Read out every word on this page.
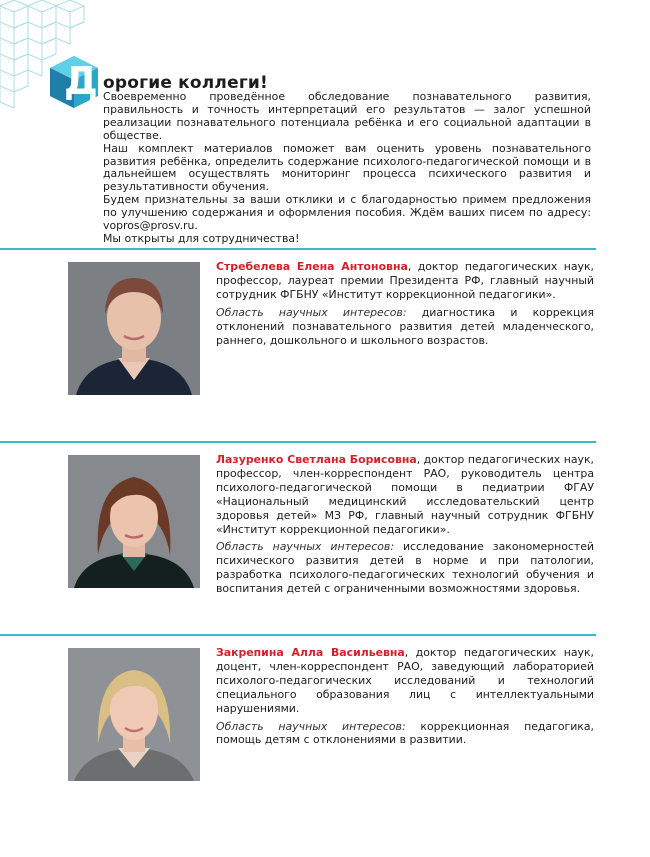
Д орогие коллеги!

Своевременно проведённое обследование познавательного развития, правильность и точность интерпретаций его результатов — залог успешной реализации познавательного потенциала ребёнка и его социальной адаптации в обществе.

Наш комплект материалов поможет вам оценить уровень познавательного развития ребёнка, определить содержание психолого-педагогической помощи и в дальнейшем осуществлять мониторинг процесса психического развития и результативности обучения.

Будем признательны за ваши отклики и с благодарностью примем предложения по улучшению содержания и оформления пособия. Ждём ваших писем по адресу: vopros@prosv.ru.

Мы открыты для сотрудничества!

Стребелева Елена Антоновна, доктор педагогических наук, профессор, лауреат премии Президента РФ, главный научный сотрудник ФГБНУ «Институт коррекционной педагогики».

Область научных интересов: диагностика и коррекция отклонений познавательного развития детей младенческого, раннего, дошкольного и школьного возрастов.

Лазуренко Светлана Борисовна, доктор педагогических наук, профессор, член-корреспондент РАО, руководитель центра психолого-педагогической помощи в педиатрии ФГАУ «Национальный медицинский исследовательский центр здоровья детей» МЗ РФ, главный научный сотрудник ФГБНУ «Институт коррекционной педагогики».

Область научных интересов: исследование закономерностей психического развития детей в норме и при патологии, разработка психолого-педагогических технологий обучения и воспитания детей с ограниченными возможностями здоровья.

Закрепина Алла Васильевна, доктор педагогических наук, доцент, член-корреспондент РАО, заведующий лабораторией психолого-педагогических исследований и технологий специального образования лиц с интеллектуальными нарушениями.

Область научных интересов: коррекционная педагогика, помощь детям с отклонениями в развитии.
